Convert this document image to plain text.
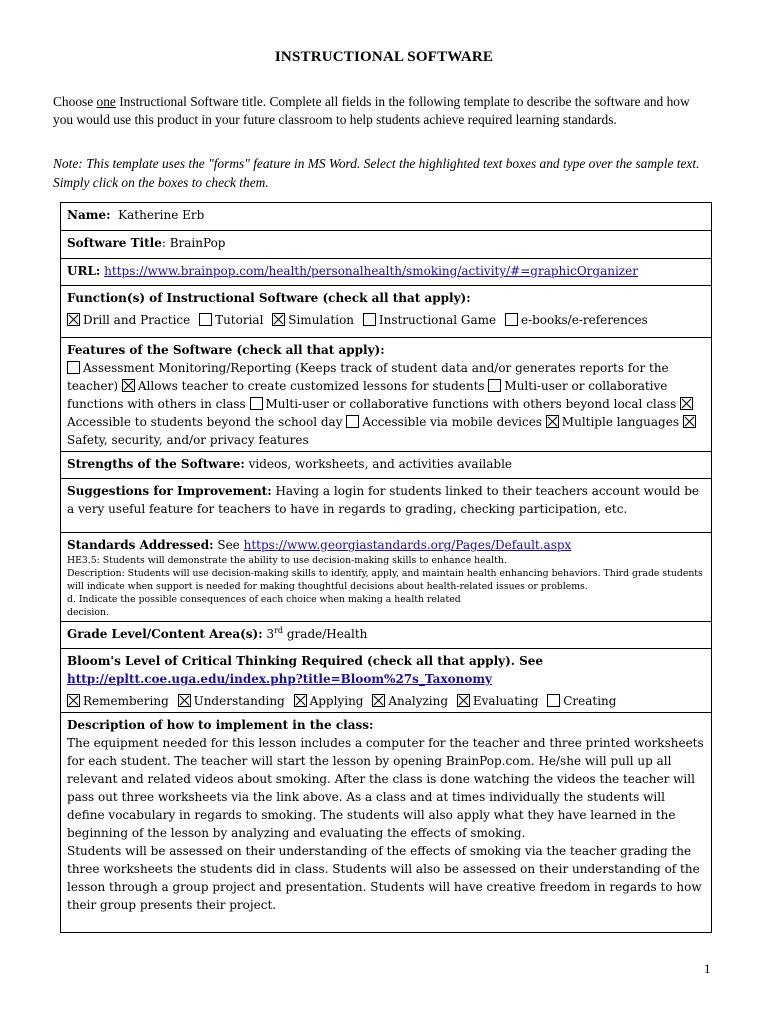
INSTRUCTIONAL SOFTWARE
Choose one Instructional Software title. Complete all fields in the following template to describe the software and how you would use this product in your future classroom to help students achieve required learning standards.
Note: This template uses the "forms" feature in MS Word. Select the highlighted text boxes and type over the sample text. Simply click on the boxes to check them.
Name: Katherine Erb
Software Title: BrainPop
URL: https://www.brainpop.com/health/personalhealth/smoking/activity/#=graphicOrganizer

Function(s) of Instructional Software (check all that apply):
Drill and Practice Tutorial Simulation Instructional Game e-books/e-references

Features of the Software (check all that apply):
Assessment Monitoring/Reporting (Keeps track of student data and/or generates reports for the teacher) Allows teacher to create customized lessons for students Multi-user or collaborative functions with others in class Multi-user or collaborative functions with others beyond local class Accessible to students beyond the school day Accessible via mobile devices Multiple languages Safety, security, and/or privacy features

Strengths of the Software: videos, worksheets, and activities available
Suggestions for Improvement: Having a login for students linked to their teachers account would be a very useful feature for teachers to have in regards to grading, checking participation, etc.

Standards Addressed: See https://www.georgiastandards.org/Pages/Default.aspx
HE3.5: Students will demonstrate the ability to use decision-making skills to enhance health.
Description: Students will use decision-making skills to identify, apply, and maintain health enhancing behaviors. Third grade students will indicate when support is needed for making thoughtful decisions about health-related issues or problems.
d. Indicate the possible consequences of each choice when making a health related
decision.

Grade Level/Content Area(s): 3rd grade/Health

Bloom's Level of Critical Thinking Required (check all that apply). See
http://epltt.coe.uga.edu/index.php?title=Bloom%27s_Taxonomy
Remembering Understanding Applying Analyzing Evaluating Creating

Description of how to implement in the class:
The equipment needed for this lesson includes a computer for the teacher and three printed worksheets for each student. The teacher will start the lesson by opening BrainPop.com. He/she will pull up all relevant and related videos about smoking. After the class is done watching the videos the teacher will pass out three worksheets via the link above. As a class and at times individually the students will define vocabulary in regards to smoking. The students will also apply what they have learned in the beginning of the lesson by analyzing and evaluating the effects of smoking.
Students will be assessed on their understanding of the effects of smoking via the teacher grading the three worksheets the students did in class. Students will also be assessed on their understanding of the lesson through a group project and presentation. Students will have creative freedom in regards to how their group presents their project.
1
